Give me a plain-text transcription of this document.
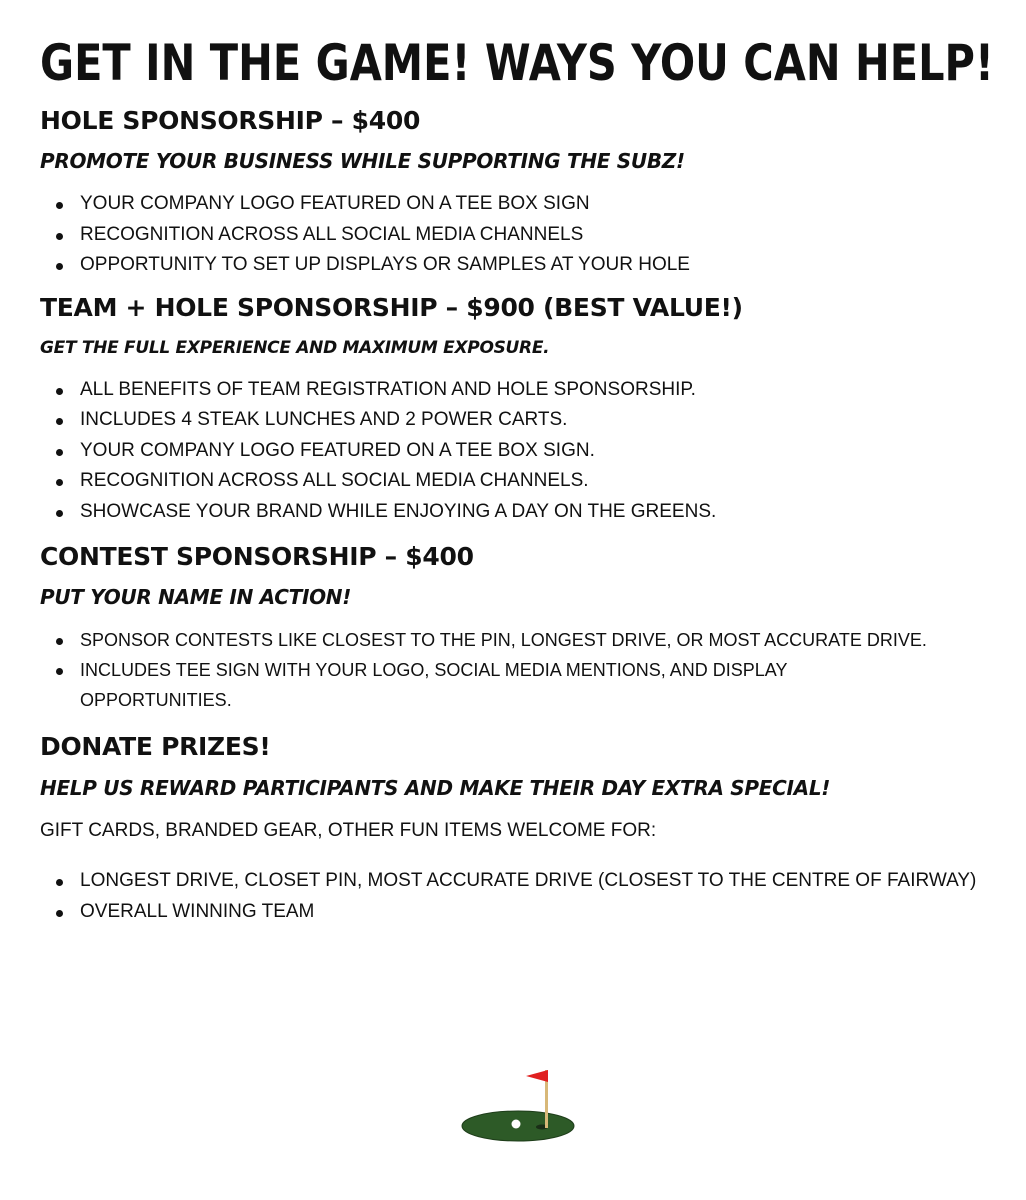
GET IN THE GAME! WAYS YOU CAN HELP!
HOLE SPONSORSHIP – $400

PROMOTE YOUR BUSINESS WHILE SUPPORTING THE SUBZ!

YOUR COMPANY LOGO FEATURED ON A TEE BOX SIGN
RECOGNITION ACROSS ALL SOCIAL MEDIA CHANNELS
OPPORTUNITY TO SET UP DISPLAYS OR SAMPLES AT YOUR HOLE
TEAM + HOLE SPONSORSHIP – $900 (BEST VALUE!)

GET THE FULL EXPERIENCE AND MAXIMUM EXPOSURE.

ALL BENEFITS OF TEAM REGISTRATION AND HOLE SPONSORSHIP.
INCLUDES 4 STEAK LUNCHES AND 2 POWER CARTS.
YOUR COMPANY LOGO FEATURED ON A TEE BOX SIGN.
RECOGNITION ACROSS ALL SOCIAL MEDIA CHANNELS.
SHOWCASE YOUR BRAND WHILE ENJOYING A DAY ON THE GREENS.
CONTEST SPONSORSHIP – $400

PUT YOUR NAME IN ACTION!

SPONSOR CONTESTS LIKE CLOSEST TO THE PIN, LONGEST DRIVE, OR MOST ACCURATE DRIVE.
INCLUDES TEE SIGN WITH YOUR LOGO, SOCIAL MEDIA MENTIONS, AND DISPLAY OPPORTUNITIES.
DONATE PRIZES!

HELP US REWARD PARTICIPANTS AND MAKE THEIR DAY EXTRA SPECIAL!

GIFT CARDS, BRANDED GEAR, OTHER FUN ITEMS WELCOME FOR:

LONGEST DRIVE, CLOSET PIN, MOST ACCURATE DRIVE (CLOSEST TO THE CENTRE OF FAIRWAY)
OVERALL WINNING TEAM
